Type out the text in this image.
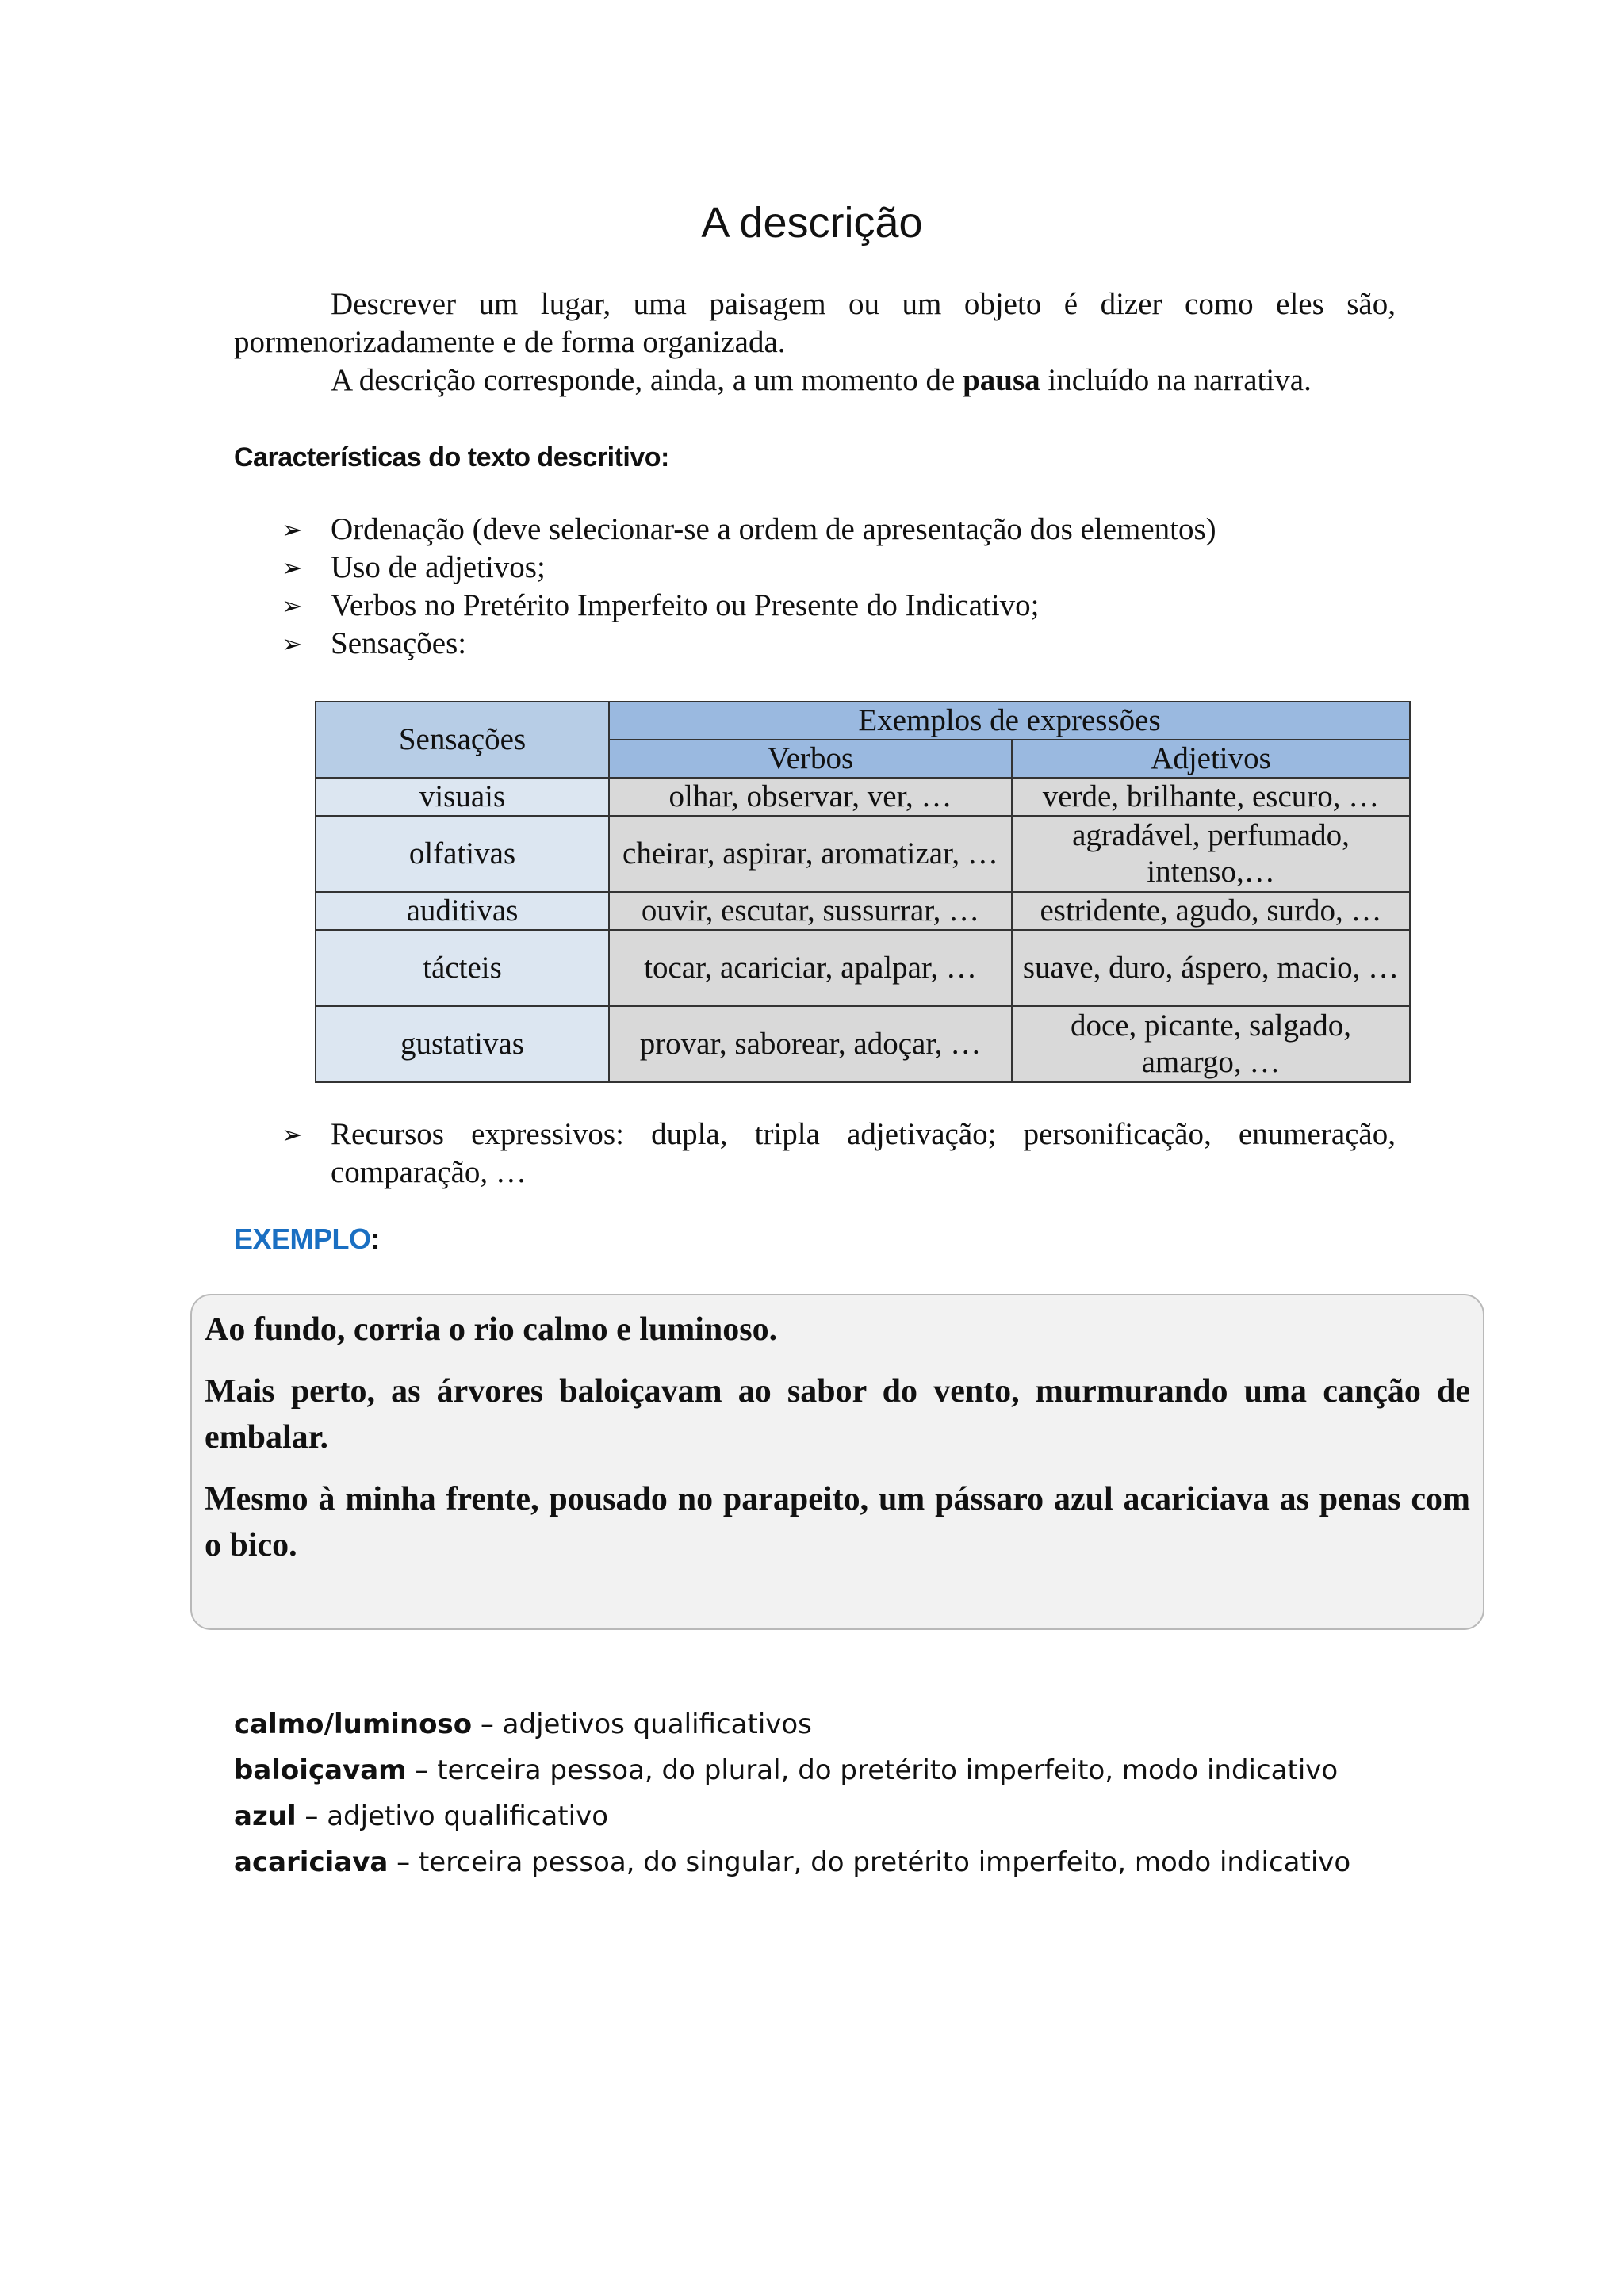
A descrição

Descrever um lugar, uma paisagem ou um objeto é dizer como eles são, pormenorizadamente e de forma organizada.

A descrição corresponde, ainda, a um momento de pausa incluído na narrativa.

Características do texto descritivo:
➢ Ordenação (deve selecionar-se a ordem de apresentação dos elementos)
➢ Uso de adjetivos;
➢ Verbos no Pretérito Imperfeito ou Presente do Indicativo;
➢ Sensações:
Sensações	Exemplos de expressões	
	Verbos	Adjetivos
visuais	olhar, observar, ver, …	verde, brilhante, escuro, …
olfativas	cheirar, aspirar, aromatizar, …	agradável, perfumado, intenso,…
auditivas	ouvir, escutar, sussurrar, …	estridente, agudo, surdo, …
tácteis	tocar, acariciar, apalpar, …	suave, duro, áspero, macio, …
gustativas	provar, saborear, adoçar, …	doce, picante, salgado, amargo, …
➢ Recursos expressivos: dupla, tripla adjetivação; personificação, enumeração, comparação, …
EXEMPLO:

Ao fundo, corria o rio calmo e luminoso.

Mais perto, as árvores baloiçavam ao sabor do vento, murmurando uma canção de embalar.

Mesmo à minha frente, pousado no parapeito, um pássaro azul acariciava as penas com o bico.

calmo/luminoso – adjetivos qualificativos
baloiçavam – terceira pessoa, do plural, do pretérito imperfeito, modo indicativo
azul – adjetivo qualificativo
acariciava – terceira pessoa, do singular, do pretérito imperfeito, modo indicativo
